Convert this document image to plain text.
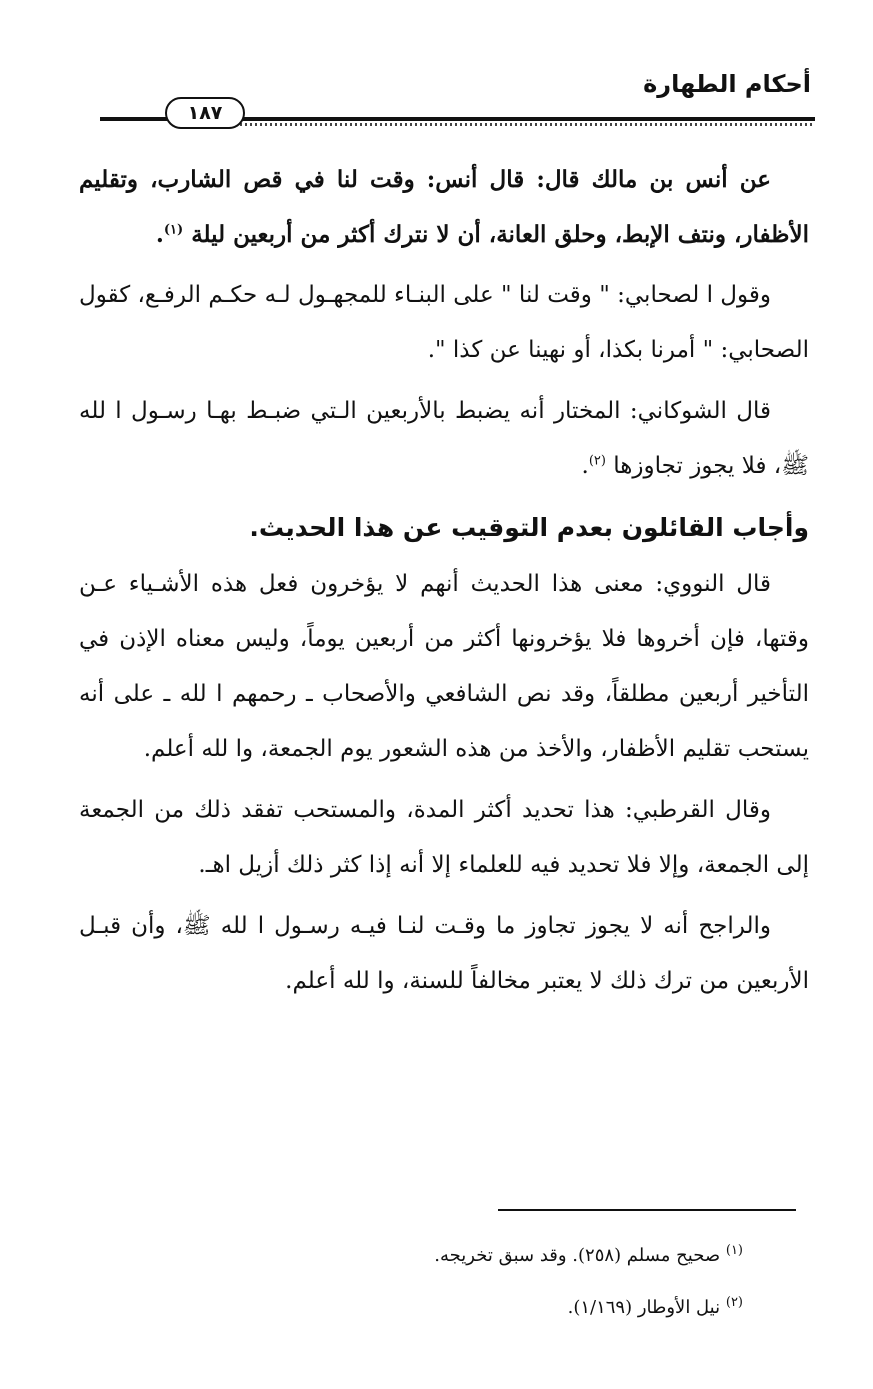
أحكام الطهارة
١٨٧

عن أنس بن مالك قال: قال أنس: وقت لنا في قص الشارب، وتقليم الأظفار، ونتف الإبط، وحلق العانة، أن لا نترك أكثر من أربعين ليلة $^{(١)}$.

وقول ا لصحابي: " وقت لنا " على البنـاء للمجهـول لـه حكـم الرفـع، كقول الصحابي: " أمرنا بكذا، أو نهينا عن كذا ".

قال الشوكاني: المختار أنه يضبط بالأربعين الـتي ضبـط بهـا رسـول ا لله ﷺ، فلا يجوز تجاوزها $^{(٢)}$.

وأجاب القائلون بعدم التوقيب عن هذا الحديث.

قال النووي: معنى هذا الحديث أنهم لا يؤخرون فعل هذه الأشـياء عـن وقتها، فإن أخروها فلا يؤخرونها أكثر من أربعين يوماً، وليس معناه الإذن في التأخير أربعين مطلقاً، وقد نص الشافعي والأصحاب ـ رحمهم ا لله ـ على أنه يستحب تقليم الأظفار، والأخذ من هذه الشعور يوم الجمعة، وا لله أعلم.

وقال القرطبي: هذا تحديد أكثر المدة، والمستحب تفقد ذلك من الجمعة إلى الجمعة، وإلا فلا تحديد فيه للعلماء إلا أنه إذا كثر ذلك أزيل اهـ.

والراجح أنه لا يجوز تجاوز ما وقـت لنـا فيـه رسـول ا لله ﷺ، وأن قبـل الأربعين من ترك ذلك لا يعتبر مخالفاً للسنة، وا لله أعلم.

$^{(١)}$ صحيح مسلم (٢٥٨). وقد سبق تخريجه.
$^{(٢)}$ نيل الأوطار (١/١٦٩).
